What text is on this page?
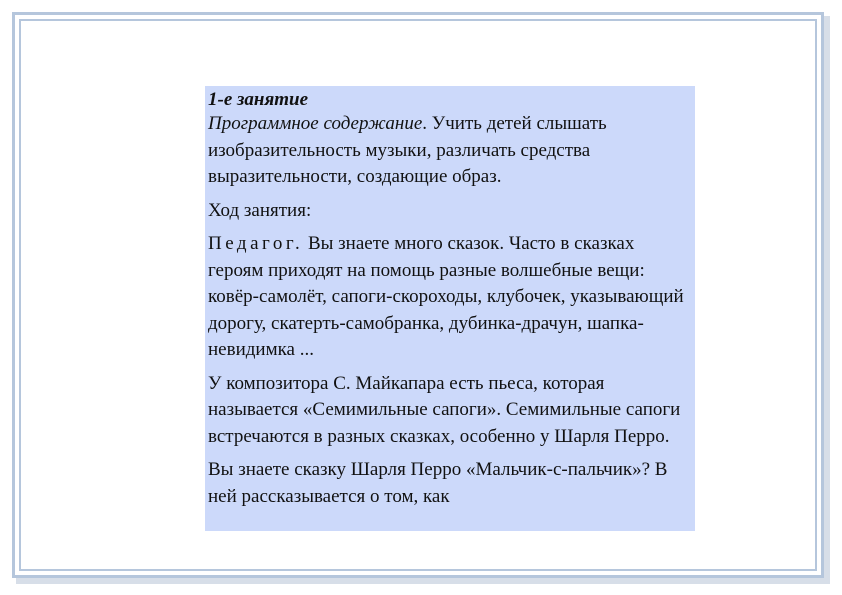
1-е занятие

Программное содержание. Учить детей слышать изобразительность музыки, различать средства выразительности, создающие образ.

Ход занятия:

Педагог. Вы знаете много сказок. Часто в сказках героям приходят на помощь разные волшебные вещи: ковёр-самолёт, сапоги-скороходы, клубочек, указывающий дорогу, скатерть-самобранка, дубинка-драчун, шапка-невидимка ...

У композитора С. Майкапара есть пьеса, которая называется «Семимильные сапоги». Семимильные сапоги встречаются в разных сказках, особенно у Шарля Перро.

Вы знаете сказку Шарля Перро «Мальчик-с-пальчик»? В ней рассказывается о том, как
